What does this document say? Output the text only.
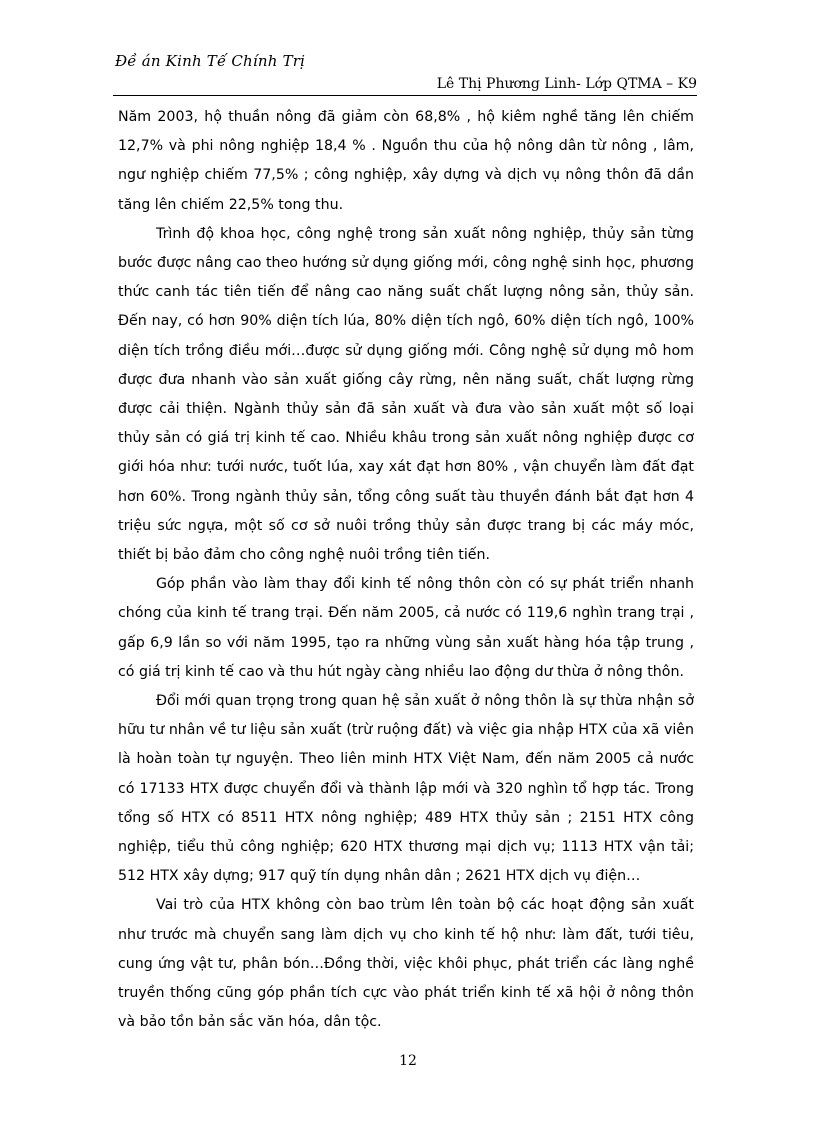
Đề án Kinh Tế Chính Trị
Lê Thị Phương Linh- Lớp QTMA – K9

Năm 2003, hộ thuần nông đã giảm còn 68,8% , hộ kiêm nghề tăng lên chiếm 12,7% và phi nông nghiệp 18,4 % . Nguồn thu của hộ nông dân từ nông , lâm, ngư nghiệp chiếm 77,5% ; công nghiệp, xây dựng và dịch vụ nông thôn đã dần tăng lên chiếm 22,5% tong thu.

Trình độ khoa học, công nghệ trong sản xuất nông nghiệp, thủy sản từng bước được nâng cao theo hướng sử dụng giống mới, công nghệ sinh học, phương thức canh tác tiên tiến để nâng cao năng suất chất lượng nông sản, thủy sản. Đến nay, có hơn 90% diện tích lúa, 80% diện tích ngô, 60% diện tích ngô, 100% diện tích trồng điều mới…được sử dụng giống mới. Công nghệ sử dụng mô hom được đưa nhanh vào sản xuất giống cây rừng, nên năng suất, chất lượng rừng được cải thiện. Ngành thủy sản đã sản xuất và đưa vào sản xuất một số loại thủy sản có giá trị kinh tế cao. Nhiều khâu trong sản xuất nông nghiệp được cơ giới hóa như: tưới nước, tuốt lúa, xay xát đạt hơn 80% , vận chuyển làm đất đạt hơn 60%. Trong ngành thủy sản, tổng công suất tàu thuyền đánh bắt đạt hơn 4 triệu sức ngựa, một số cơ sở nuôi trồng thủy sản được trang bị các máy móc, thiết bị bảo đảm cho công nghệ nuôi trồng tiên tiến.

Góp phần vào làm thay đổi kinh tế nông thôn còn có sự phát triển nhanh chóng của kinh tế trang trại. Đến năm 2005, cả nước có 119,6 nghìn trang trại , gấp 6,9 lần so với năm 1995, tạo ra những vùng sản xuất hàng hóa tập trung , có giá trị kinh tế cao và thu hút ngày càng nhiều lao động dư thừa ở nông thôn.

Đổi mới quan trọng trong quan hệ sản xuất ở nông thôn là sự thừa nhận sở hữu tư nhân về tư liệu sản xuất (trừ ruộng đất) và việc gia nhập HTX của xã viên là hoàn toàn tự nguyện. Theo liên minh HTX Việt Nam, đến năm 2005 cả nước có 17133 HTX được chuyển đổi và thành lập mới và 320 nghìn tổ hợp tác. Trong tổng số HTX có 8511 HTX nông nghiệp; 489 HTX thủy sản ; 2151 HTX công nghiệp, tiểu thủ công nghiệp; 620 HTX thương mại dịch vụ; 1113 HTX vận tải; 512 HTX xây dựng; 917 quỹ tín dụng nhân dân ; 2621 HTX dịch vụ điện…

Vai trò của HTX không còn bao trùm lên toàn bộ các hoạt động sản xuất như trước mà chuyển sang làm dịch vụ cho kinh tế hộ như: làm đất, tưới tiêu, cung ứng vật tư, phân bón…Đồng thời, việc khôi phục, phát triển các làng nghề truyền thống cũng góp phần tích cực vào phát triển kinh tế xã hội ở nông thôn và bảo tồn bản sắc văn hóa, dân tộc.

12
